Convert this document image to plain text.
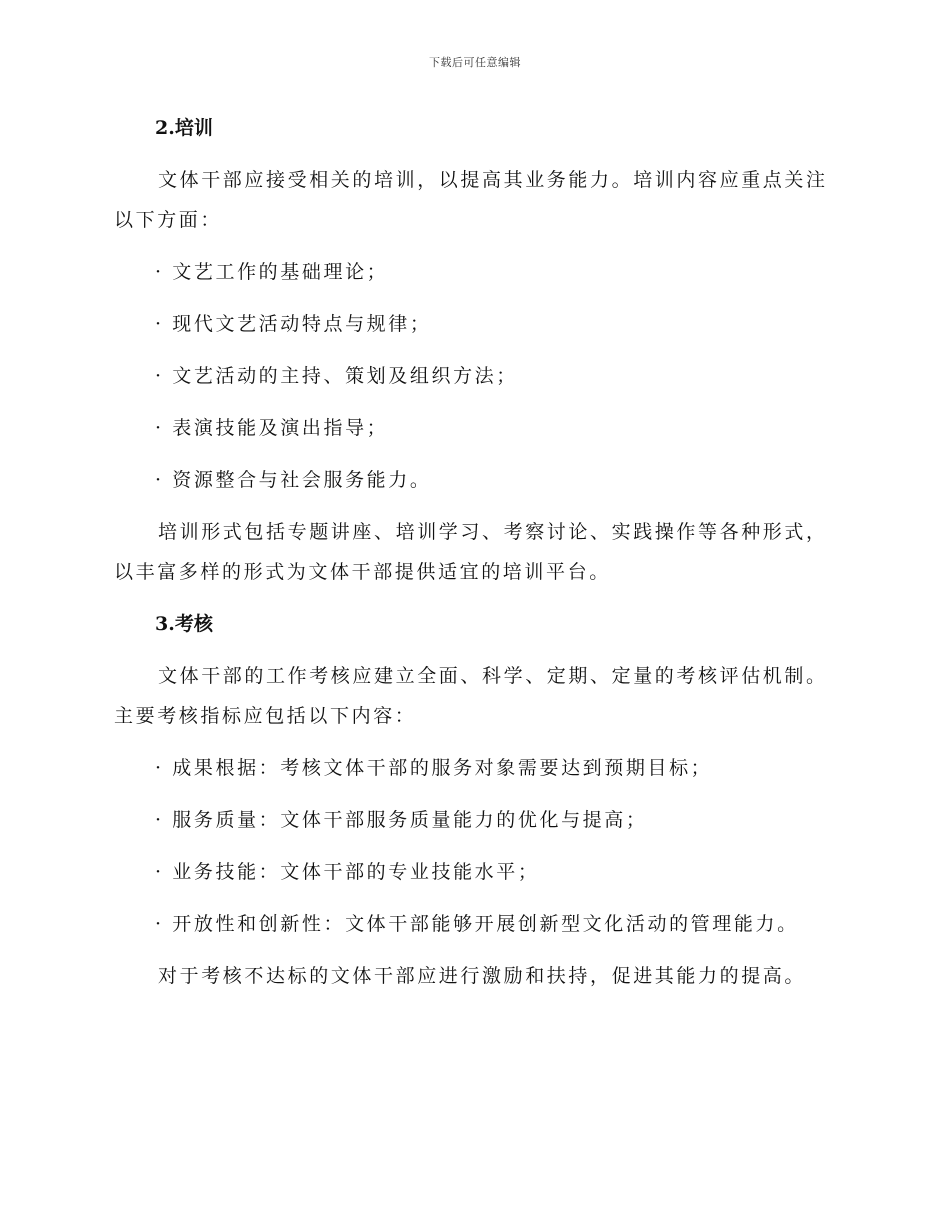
下载后可任意编辑

2.培训

文体干部应接受相关的培训，以提高其业务能力。培训内容应重点关注以下方面：

· 文艺工作的基础理论；

· 现代文艺活动特点与规律；

· 文艺活动的主持、策划及组织方法；

· 表演技能及演出指导；

· 资源整合与社会服务能力。

培训形式包括专题讲座、培训学习、考察讨论、实践操作等各种形式，以丰富多样的形式为文体干部提供适宜的培训平台。

3.考核

文体干部的工作考核应建立全面、科学、定期、定量的考核评估机制。主要考核指标应包括以下内容：

· 成果根据：考核文体干部的服务对象需要达到预期目标；

· 服务质量：文体干部服务质量能力的优化与提高；

· 业务技能：文体干部的专业技能水平；

· 开放性和创新性：文体干部能够开展创新型文化活动的管理能力。

对于考核不达标的文体干部应进行激励和扶持，促进其能力的提高。
